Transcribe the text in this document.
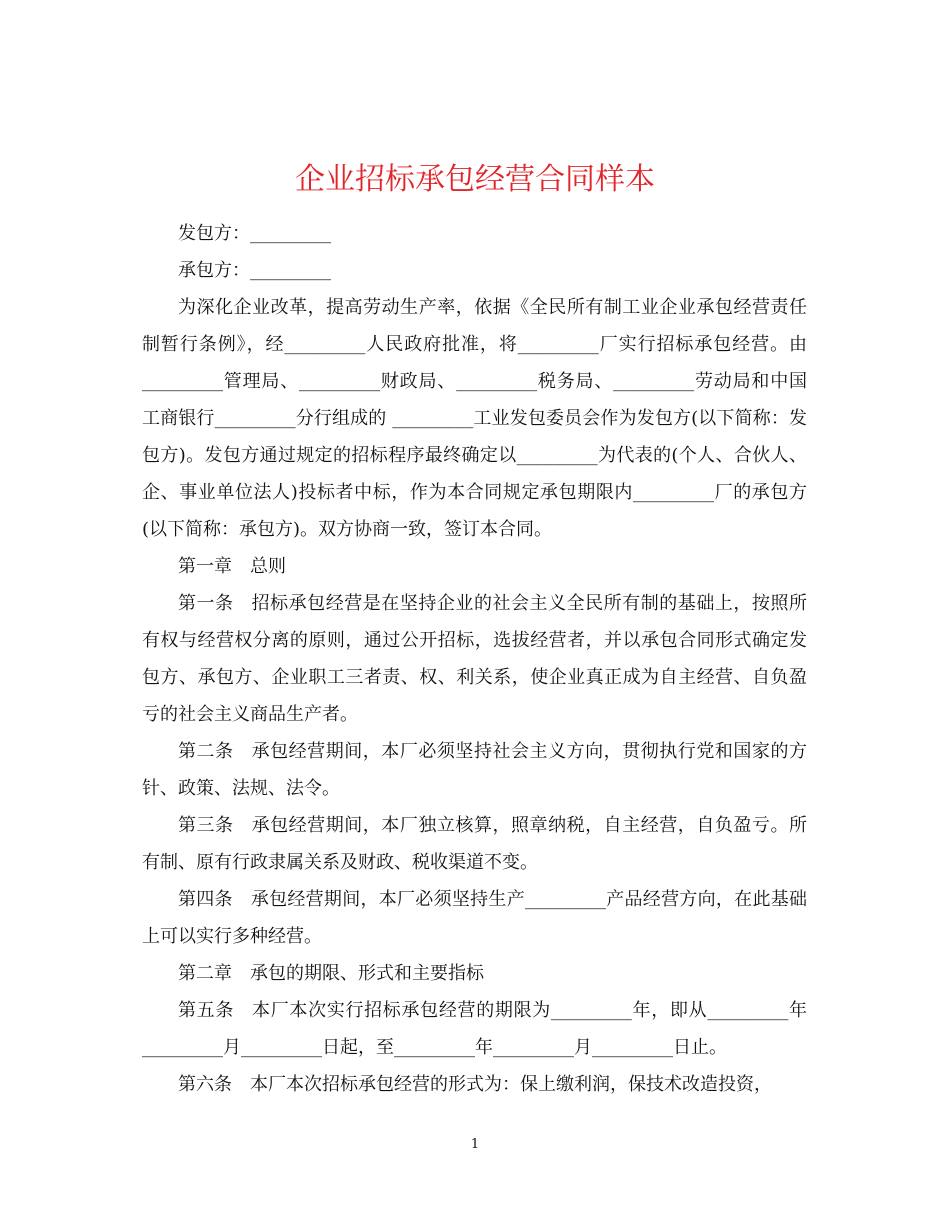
企业招标承包经营合同样本

发包方：_________

承包方：_________

为深化企业改革，提高劳动生产率，依据《全民所有制工业企业承包经营责任制暂行条例》，经_________人民政府批准，将_________厂实行招标承包经营。由 _________管理局、_________财政局、_________税务局、_________劳动局和中国工商银行_________分行组成的 _________工业发包委员会作为发包方(以下简称：发包方)。发包方通过规定的招标程序最终确定以_________为代表的(个人、合伙人、企、事业单位法人)投标者中标，作为本合同规定承包期限内_________厂的承包方(以下简称：承包方)。双方协商一致，签订本合同。

第一章 总则

第一条 招标承包经营是在坚持企业的社会主义全民所有制的基础上，按照所有权与经营权分离的原则，通过公开招标，选拔经营者，并以承包合同形式确定发包方、承包方、企业职工三者责、权、利关系，使企业真正成为自主经营、自负盈亏的社会主义商品生产者。

第二条 承包经营期间，本厂必须坚持社会主义方向，贯彻执行党和国家的方针、政策、法规、法令。

第三条 承包经营期间，本厂独立核算，照章纳税，自主经营，自负盈亏。所有制、原有行政隶属关系及财政、税收渠道不变。

第四条 承包经营期间，本厂必须坚持生产_________产品经营方向，在此基础上可以实行多种经营。

第二章 承包的期限、形式和主要指标

第五条 本厂本次实行招标承包经营的期限为_________年，即从_________年_________月_________日起，至_________年_________月_________日止。

第六条 本厂本次招标承包经营的形式为：保上缴利润，保技术改造投资，

1
